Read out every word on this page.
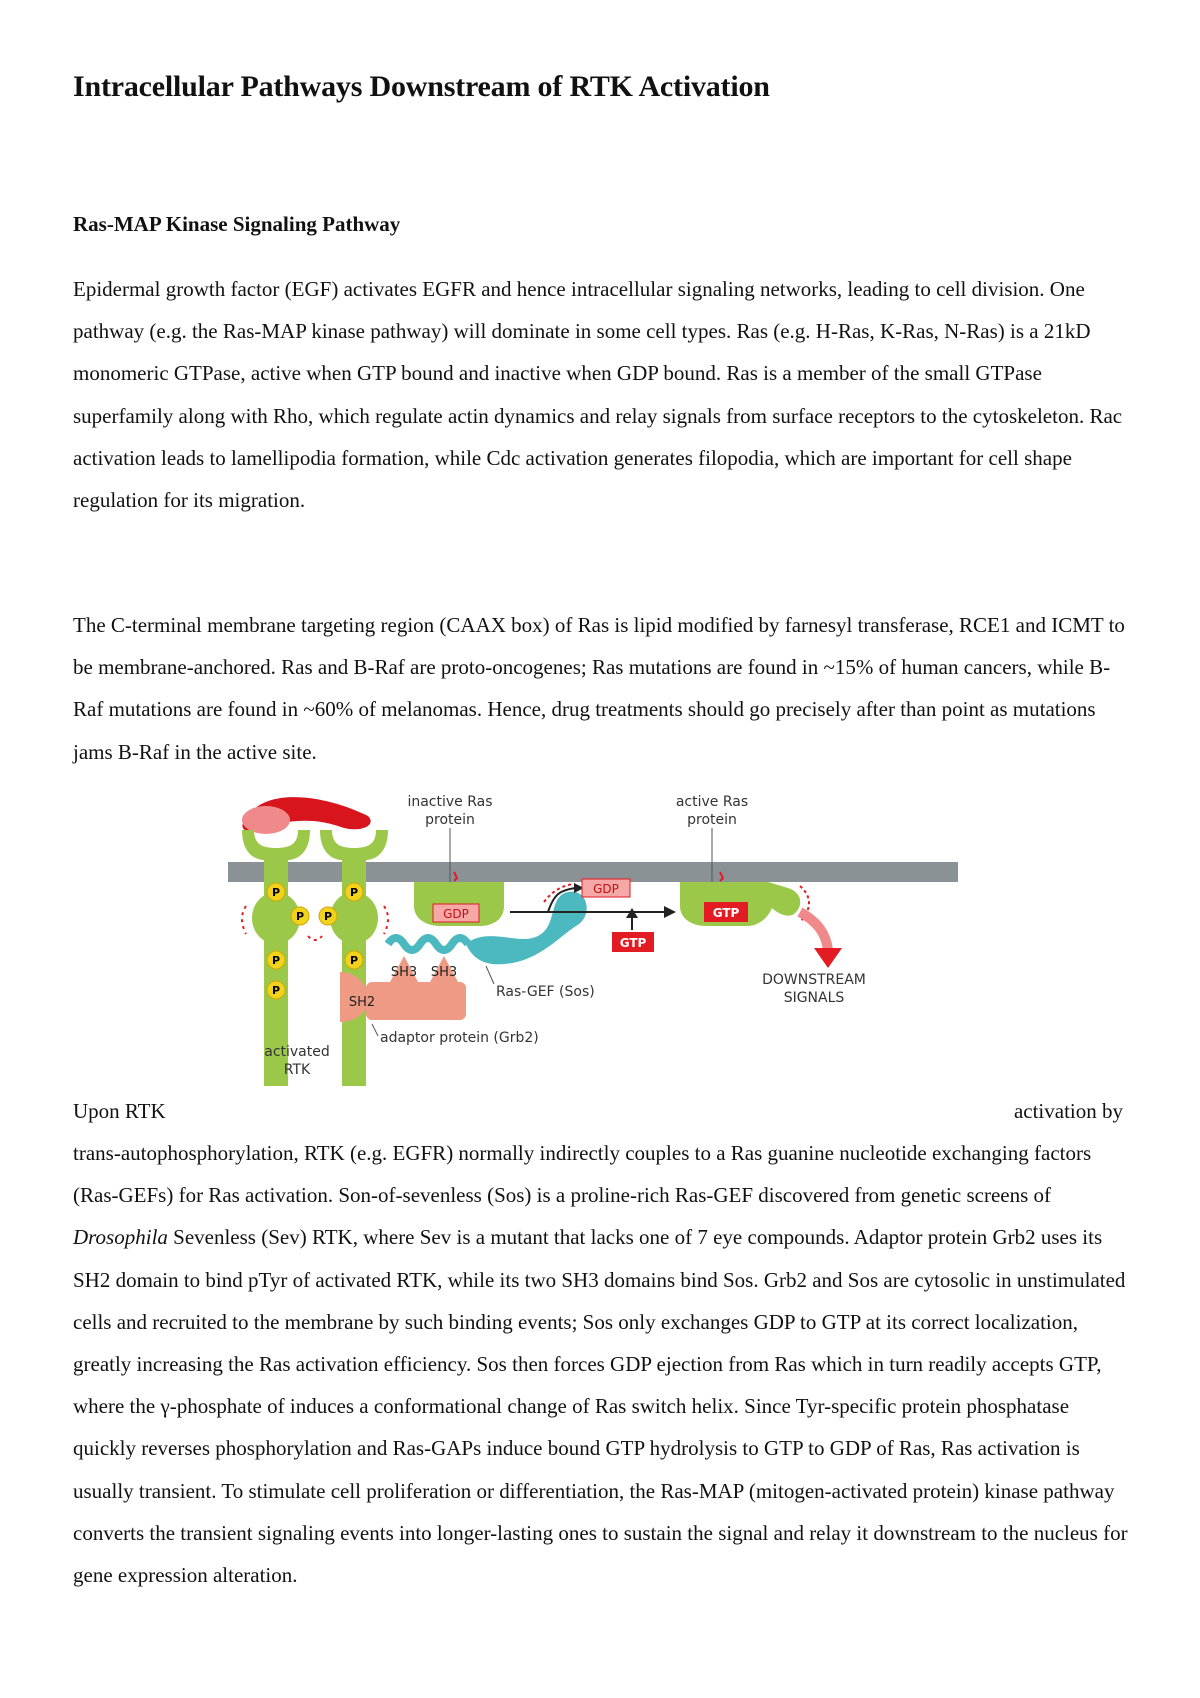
Intracellular Pathways Downstream of RTK Activation
Ras-MAP Kinase Signaling Pathway

Epidermal growth factor (EGF) activates EGFR and hence intracellular signaling networks, leading to cell division. One pathway (e.g. the Ras-MAP kinase pathway) will dominate in some cell types. Ras (e.g. H-Ras, K-Ras, N-Ras) is a 21kD monomeric GTPase, active when GTP bound and inactive when GDP bound. Ras is a member of the small GTPase superfamily along with Rho, which regulate actin dynamics and relay signals from surface receptors to the cytoskeleton. Rac activation leads to lamellipodia formation, while Cdc activation generates filopodia, which are important for cell shape regulation for its migration.

The C-terminal membrane targeting region (CAAX box) of Ras is lipid modified by farnesyl transferase, RCE1 and ICMT to be membrane-anchored. Ras and B-Raf are proto-oncogenes; Ras mutations are found in ~15% of human cancers, while B-Raf mutations are found in ~60% of melanomas. Hence, drug treatments should go precisely after than point as mutations jams B-Raf in the active site.

Upon RTK	activation by

trans-autophosphorylation, RTK (e.g. EGFR) normally indirectly couples to a Ras guanine nucleotide exchanging factors (Ras-GEFs) for Ras activation. Son-of-sevenless (Sos) is a proline-rich Ras-GEF discovered from genetic screens of Drosophila Sevenless (Sev) RTK, where Sev is a mutant that lacks one of 7 eye compounds. Adaptor protein Grb2 uses its SH2 domain to bind pTyr of activated RTK, while its two SH3 domains bind Sos. Grb2 and Sos are cytosolic in unstimulated cells and recruited to the membrane by such binding events; Sos only exchanges GDP to GTP at its correct localization, greatly increasing the Ras activation efficiency. Sos then forces GDP ejection from Ras which in turn readily accepts GTP, where the γ-phosphate of induces a conformational change of Ras switch helix. Since Tyr-specific protein phosphatase quickly reverses phosphorylation and Ras-GAPs induce bound GTP hydrolysis to GTP to GDP of Ras, Ras activation is usually transient. To stimulate cell proliferation or differentiation, the Ras-MAP (mitogen-activated protein) kinase pathway converts the transient signaling events into longer-lasting ones to sustain the signal and relay it downstream to the nucleus for gene expression alteration.

P	P
P P
P	P
P
SH2
SH3 SH3
GDP
inactive Ras
protein
GDP
GTP
GTP
active Ras
protein
DOWNSTREAM
SIGNALS
Ras-GEF (Sos)
adaptor protein (Grb2)
activated
RTK
